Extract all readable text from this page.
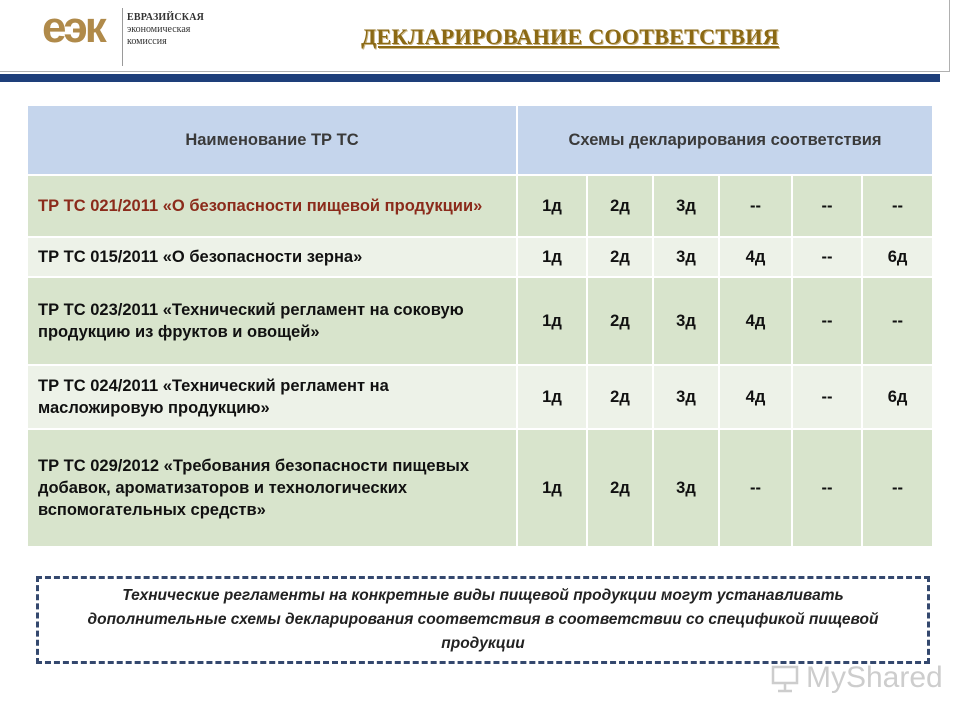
еэк ЕВРАЗИЙСКАЯ
экономическая
комиссия	ДЕКЛАРИРОВАНИЕ СООТВЕТСТВИЯ
Наименование ТР ТС	Схемы декларирования соответствия					
ТР ТС 021/2011 «О безопасности пищевой продукции»	1д	2д	3д	--	--	--
ТР ТС 015/2011 «О безопасности зерна»	1д	2д	3д	4д	--	6д
ТР ТС 023/2011 «Технический регламент на соковую продукцию из фруктов и овощей»	1д	2д	3д	4д	--	--
ТР ТС 024/2011 «Технический регламент на масложировую продукцию»	1д	2д	3д	4д	--	6д
ТР ТС 029/2012 «Требования безопасности пищевых добавок, ароматизаторов и технологических вспомогательных средств»	1д	2д	3д	--	--	--
Технические регламенты на конкретные виды пищевой продукции могут устанавливать дополнительные схемы декларирования соответствия в соответствии со спецификой пищевой продукции
MyShared
